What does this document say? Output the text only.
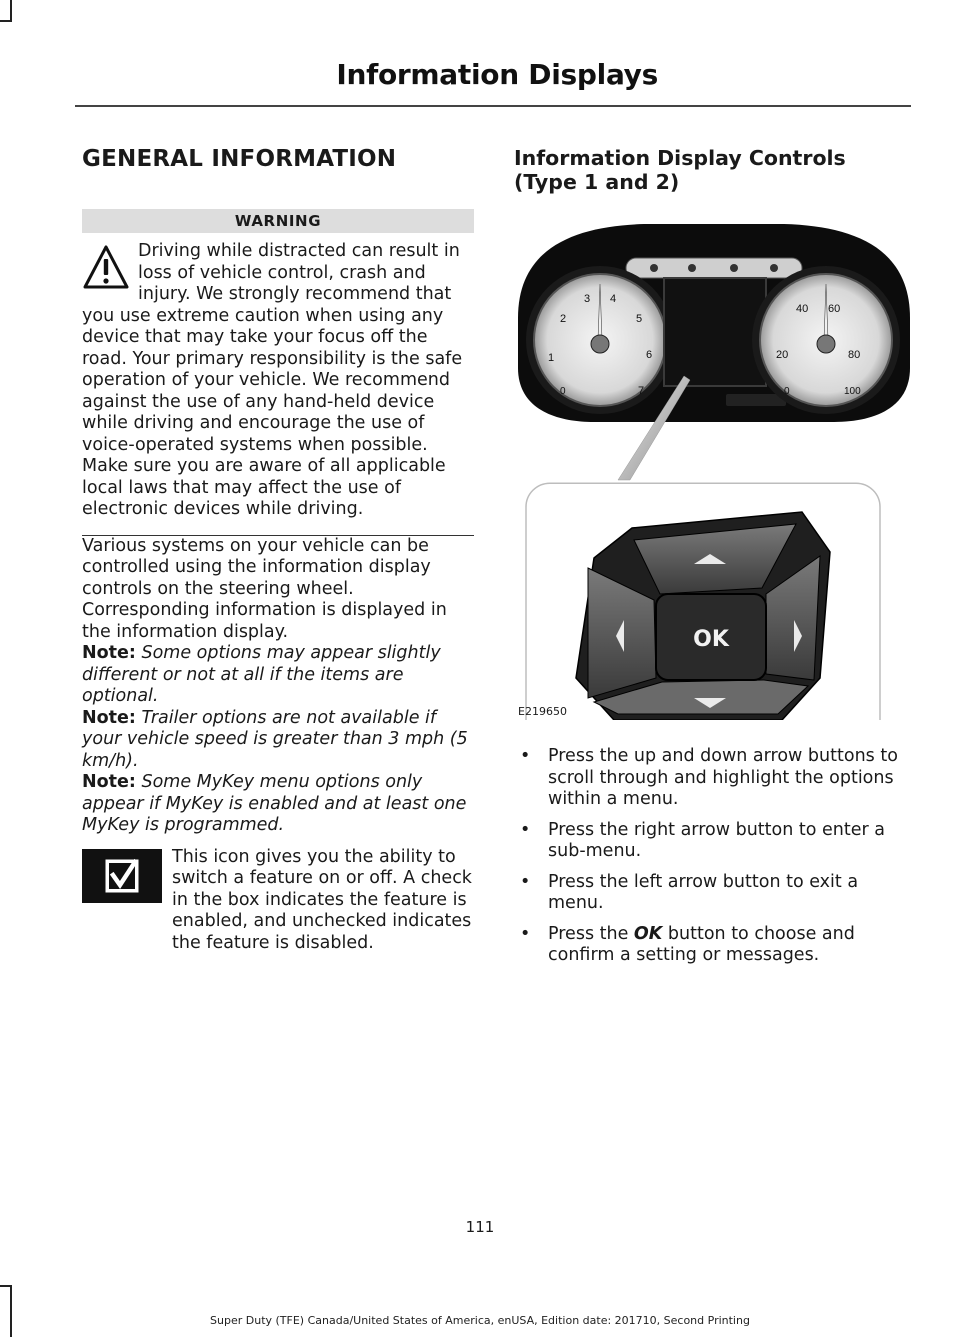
Information Displays
GENERAL INFORMATION
WARNING
Driving while distracted can result in loss of vehicle control, crash and injury. We strongly recommend that you use extreme caution when using any device that may take your focus off the road. Your primary responsibility is the safe operation of your vehicle. We recommend against the use of any hand-held device while driving and encourage the use of voice-operated systems when possible. Make sure you are aware of all applicable local laws that may affect the use of electronic devices while driving.

Various systems on your vehicle can be controlled using the information display controls on the steering wheel. Corresponding information is displayed in the information display.

Note: Some options may appear slightly different or not at all if the items are optional.

Note: Trailer options are not available if your vehicle speed is greater than 3 mph (5 km/h).

Note: Some MyKey menu options only appear if MyKey is enabled and at least one MyKey is programmed.

This icon gives you the ability to switch a feature on or off. A check in the box indicates the feature is enabled, and unchecked indicates the feature is disabled.
Information Display Controls (Type 1 and 2)
0
1
2
3 4
5
6
7	0
20
40 60
80
100
OK
E219650
• Press the up and down arrow buttons to scroll through and highlight the options within a menu.
• Press the right arrow button to enter a sub-menu.
• Press the left arrow button to exit a menu.
• Press the OK button to choose and confirm a setting or messages.
111
Super Duty (TFE) Canada/United States of America, enUSA, Edition date: 201710, Second Printing
